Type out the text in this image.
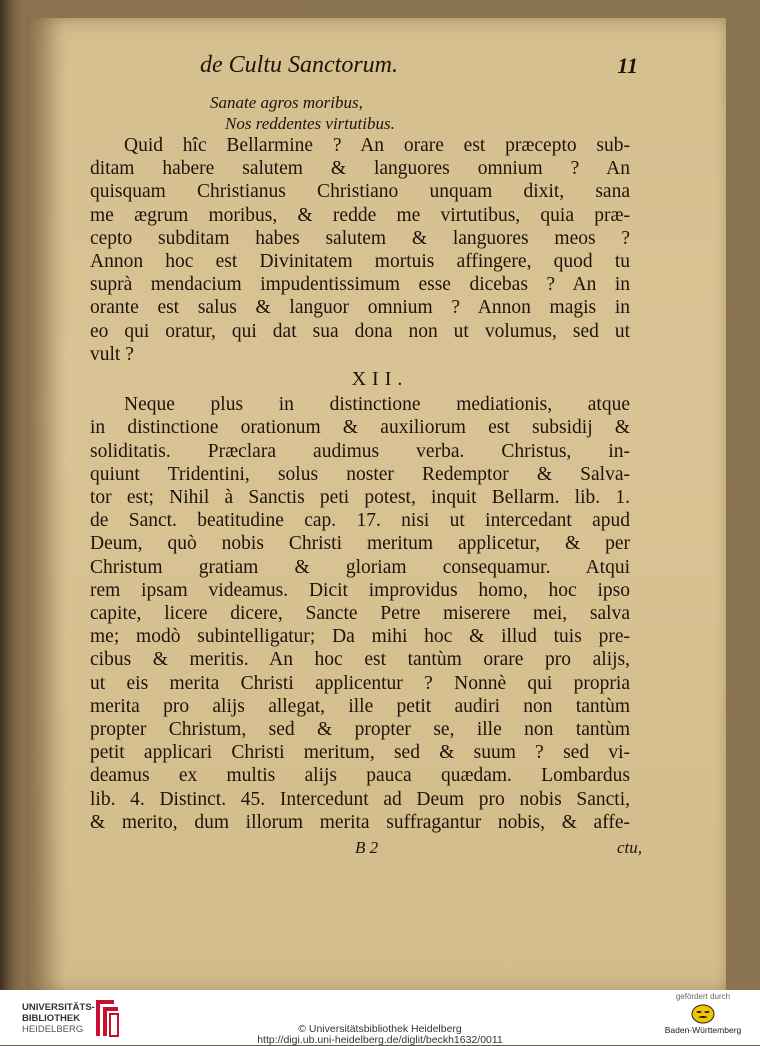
de Cultu Sanctorum.	11
Sanate agros moribus,
Nos reddentes virtutibus.
Quid hîc Bellarmine ? An orare est præcepto sub-
ditam habere salutem & languores omnium ? An
quisquam Christianus Christiano unquam dixit, sana
me ægrum moribus, & redde me virtutibus, quia præ-
cepto subditam habes salutem & languores meos ?
Annon hoc est Divinitatem mortuis affingere, quod tu
suprà mendacium impudentissimum esse dicebas ? An in
orante est salus & languor omnium ? Annon magis in
eo qui oratur, qui dat sua dona non ut volumus, sed ut
vult ?
XII.
Neque plus in distinctione mediationis, atque
in distinctione orationum & auxiliorum est subsidij &
soliditatis. Præclara audimus verba. Christus, in-
quiunt Tridentini, solus noster Redemptor & Salva-
tor est; Nihil à Sanctis peti potest, inquit Bellarm. lib. 1.
de Sanct. beatitudine cap. 17. nisi ut intercedant apud
Deum, quò nobis Christi meritum applicetur, & per
Christum gratiam & gloriam consequamur. Atqui
rem ipsam videamus. Dicit improvidus homo, hoc ipso
capite, licere dicere, Sancte Petre miserere mei, salva
me; modò subintelligatur; Da mihi hoc & illud tuis pre-
cibus & meritis. An hoc est tantùm orare pro alijs,
ut eis merita Christi applicentur ? Nonnè qui propria
merita pro alijs allegat, ille petit audiri non tantùm
propter Christum, sed & propter se, ille non tantùm
petit applicari Christi meritum, sed & suum ? sed vi-
deamus ex multis alijs pauca quædam. Lombardus
lib. 4. Distinct. 45. Intercedunt ad Deum pro nobis Sancti,
& merito, dum illorum merita suffragantur nobis, & affe-
B 2	ctu,
UNIVERSITÄTS-
BIBLIOTHEK
HEIDELBERG	© Universitätsbibliothek Heidelberg
http://digi.ub.uni-heidelberg.de/diglit/beckh1632/0011
gefördert durch
Baden-Württemberg
